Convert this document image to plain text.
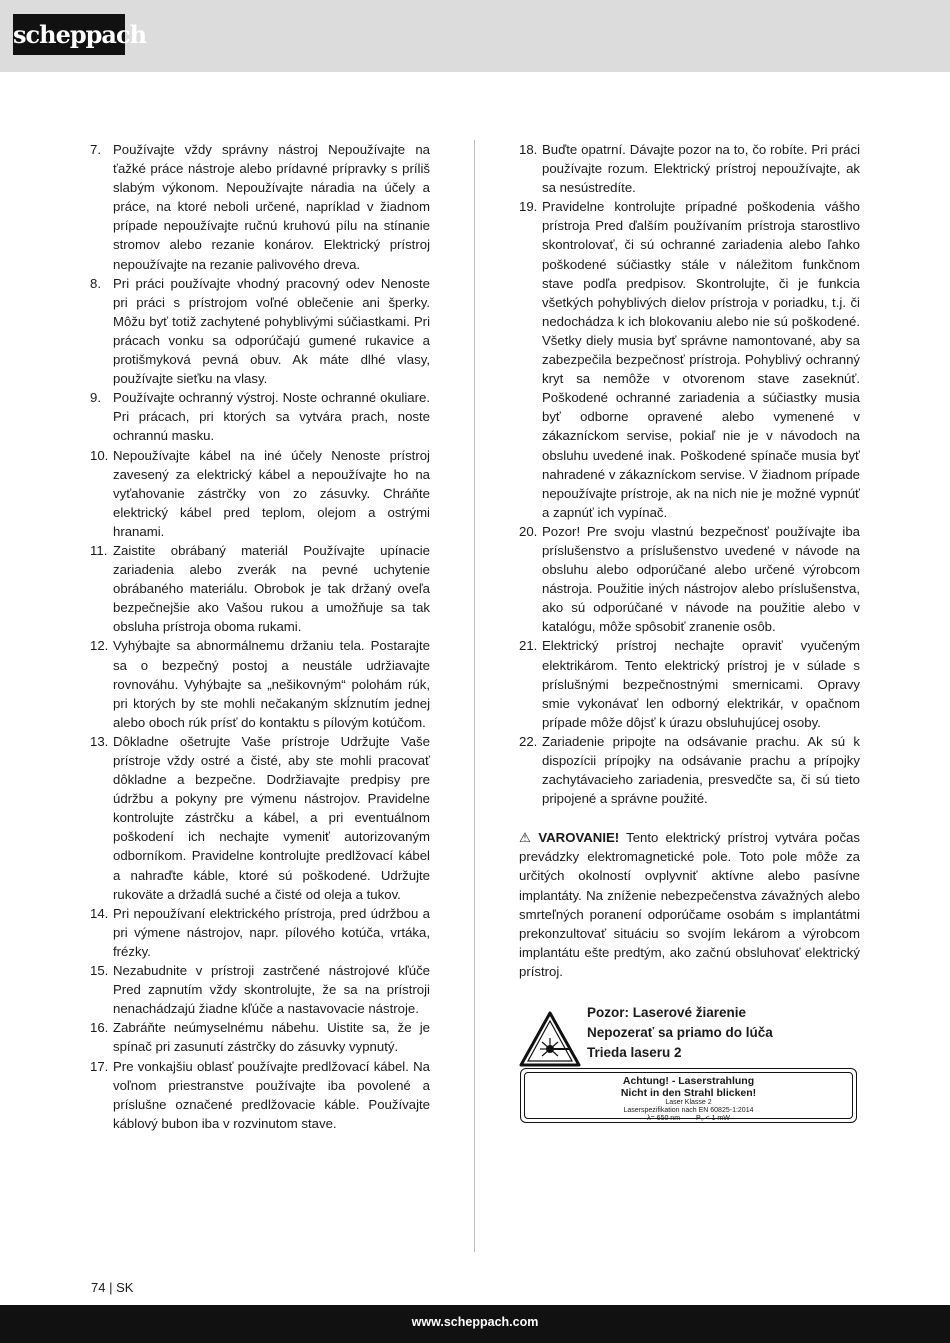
scheppach
7. Používajte vždy správny nástroj Nepoužívajte na ťažké práce nástroje alebo prídavné prípravky s príliš slabým výkonom. Nepoužívajte náradia na účely a práce, na ktoré neboli určené, napríklad v žiadnom prípade nepoužívajte ručnú kruhovú pílu na stínanie stromov alebo rezanie konárov. Elektrický prístroj nepoužívajte na rezanie palivového dreva.
8. Pri práci používajte vhodný pracovný odev Nenoste pri práci s prístrojom voľné oblečenie ani šperky. Môžu byť totiž zachytené pohyblivými súčiastkami. Pri prácach vonku sa odporúčajú gumené rukavice a protišmyková pevná obuv. Ak máte dlhé vlasy, používajte sieťku na vlasy.
9. Používajte ochranný výstroj. Noste ochranné okuliare. Pri prácach, pri ktorých sa vytvára prach, noste ochrannú masku.
10. Nepoužívajte kábel na iné účely Nenoste prístroj zavesený za elektrický kábel a nepoužívajte ho na vyťahovanie zástrčky von zo zásuvky. Chráňte elektrický kábel pred teplom, olejom a ostrými hranami.
11. Zaistite obrábaný materiál Používajte upínacie zariadenia alebo zverák na pevné uchytenie obrábaného materiálu. Obrobok je tak držaný oveľa bezpečnejšie ako Vašou rukou a umožňuje sa tak obsluha prístroja oboma rukami.
12. Vyhýbajte sa abnormálnemu držaniu tela. Postarajte sa o bezpečný postoj a neustále udržiavajte rovnováhu. Vyhýbajte sa „nešikovným“ polohám rúk, pri ktorých by ste mohli nečakaným skĺznutím jednej alebo oboch rúk prísť do kontaktu s pílovým kotúčom.
13. Dôkladne ošetrujte Vaše prístroje Udržujte Vaše prístroje vždy ostré a čisté, aby ste mohli pracovať dôkladne a bezpečne. Dodržiavajte predpisy pre údržbu a pokyny pre výmenu nástrojov. Pravidelne kontrolujte zástrčku a kábel, a pri eventuálnom poškodení ich nechajte vymeniť autorizovaným odborníkom. Pravidelne kontrolujte predlžovací kábel a nahraďte káble, ktoré sú poškodené. Udržujte rukoväte a držadlá suché a čisté od oleja a tukov.
14. Pri nepoužívaní elektrického prístroja, pred údržbou a pri výmene nástrojov, napr. pílového kotúča, vrtáka, frézky.
15. Nezabudnite v prístroji zastrčené nástrojové kľúče Pred zapnutím vždy skontrolujte, že sa na prístroji nenachádzajú žiadne kľúče a nastavovacie nástroje.
16. Zabráňte neúmyselnému nábehu. Uistite sa, že je spínač pri zasunutí zástrčky do zásuvky vypnutý.
17. Pre vonkajšiu oblasť používajte predlžovací kábel. Na voľnom priestranstve používajte iba povolené a príslušne označené predlžovacie káble. Používajte káblový bubon iba v rozvinutom stave.
18. Buďte opatrní. Dávajte pozor na to, čo robíte. Pri práci používajte rozum. Elektrický prístroj nepoužívajte, ak sa nesústredíte.
19. Pravidelne kontrolujte prípadné poškodenia vášho prístroja Pred ďalším používaním prístroja starostlivo skontrolovať, či sú ochranné zariadenia alebo ľahko poškodené súčiastky stále v náležitom funkčnom stave podľa predpisov. Skontrolujte, či je funkcia všetkých pohyblivých dielov prístroja v poriadku, t.j. či nedochádza k ich blokovaniu alebo nie sú poškodené. Všetky diely musia byť správne namontované, aby sa zabezpečila bezpečnosť prístroja. Pohyblivý ochranný kryt sa nemôže v otvorenom stave zaseknúť. Poškodené ochranné zariadenia a súčiastky musia byť odborne opravené alebo vymenené v zákazníckom servise, pokiaľ nie je v návodoch na obsluhu uvedené inak. Poškodené spínače musia byť nahradené v zákazníckom servise. V žiadnom prípade nepoužívajte prístroje, ak na nich nie je možné vypnúť a zapnúť ich vypínač.
20. Pozor! Pre svoju vlastnú bezpečnosť používajte iba príslušenstvo a príslušenstvo uvedené v návode na obsluhu alebo odporúčané alebo určené výrobcom nástroja. Použitie iných nástrojov alebo príslušenstva, ako sú odporúčané v návode na použitie alebo v katalógu, môže spôsobiť zranenie osôb.
21. Elektrický prístroj nechajte opraviť vyučeným elektrikárom. Tento elektrický prístroj je v súlade s príslušnými bezpečnostnými smernicami. Opravy smie vykonávať len odborný elektrikár, v opačnom prípade môže dôjsť k úrazu obsluhujúcej osoby.
22. Zariadenie pripojte na odsávanie prachu. Ak sú k dispozícii prípojky na odsávanie prachu a prípojky zachytávacieho zariadenia, presvedčte sa, či sú tieto pripojené a správne použité.
⚠ VAROVANIE! Tento elektrický prístroj vytvára počas prevádzky elektromagnetické pole. Toto pole môže za určitých okolností ovplyvniť aktívne alebo pasívne implantáty. Na zníženie nebezpečenstva závažných alebo smrteľných poranení odporúčame osobám s implantátmi prekonzultovať situáciu so svojím lekárom a výrobcom implantátu ešte predtým, ako začnú obsluhovať elektrický prístroj.
Pozor: Laserové žiarenie
Nepozerať sa priamo do lúča
Trieda laseru 2
Achtung! - Laserstrahlung
Nicht in den Strahl blicken!
Laser Klasse 2
Laserspezifikation nach EN 60825-1:2014
λ= 650 nm P₀ < 1 mW
74 | SK
www.scheppach.com
